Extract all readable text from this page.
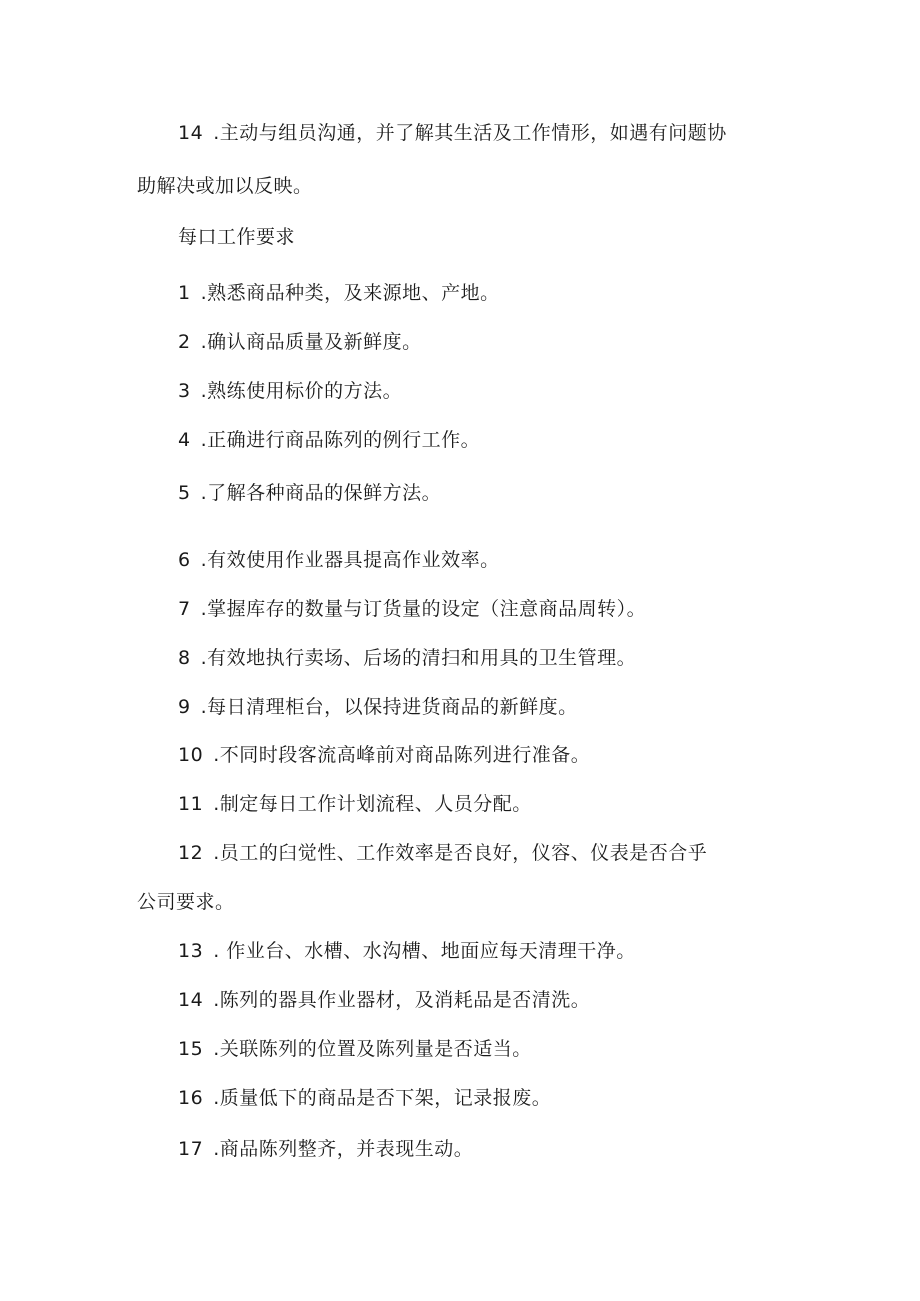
14 .主动与组员沟通，并了解其生活及工作情形，如遇有问题协
助解决或加以反映。
每口工作要求
1 .熟悉商品种类，及来源地、产地。
2 .确认商品质量及新鲜度。
3 .熟练使用标价的方法。
4 .正确进行商品陈列的例行工作。
5 .了解各种商品的保鲜方法。
6 .有效使用作业器具提高作业效率。
7 .掌握库存的数量与订货量的设定（注意商品周转）。
8 .有效地执行卖场、后场的清扫和用具的卫生管理。
9 .每日清理柜台，以保持进货商品的新鲜度。
10 .不同时段客流高峰前对商品陈列进行准备。
11 .制定每日工作计划流程、人员分配。
12 .员工的臼觉性、工作效率是否良好，仪容、仪表是否合乎
公司要求。
13 . 作业台、水槽、水沟槽、地面应每天清理干净。
14 .陈列的器具作业器材，及消耗品是否清洗。
15 .关联陈列的位置及陈列量是否适当。
16 .质量低下的商品是否下架，记录报废。
17 .商品陈列整齐，并表现生动。
